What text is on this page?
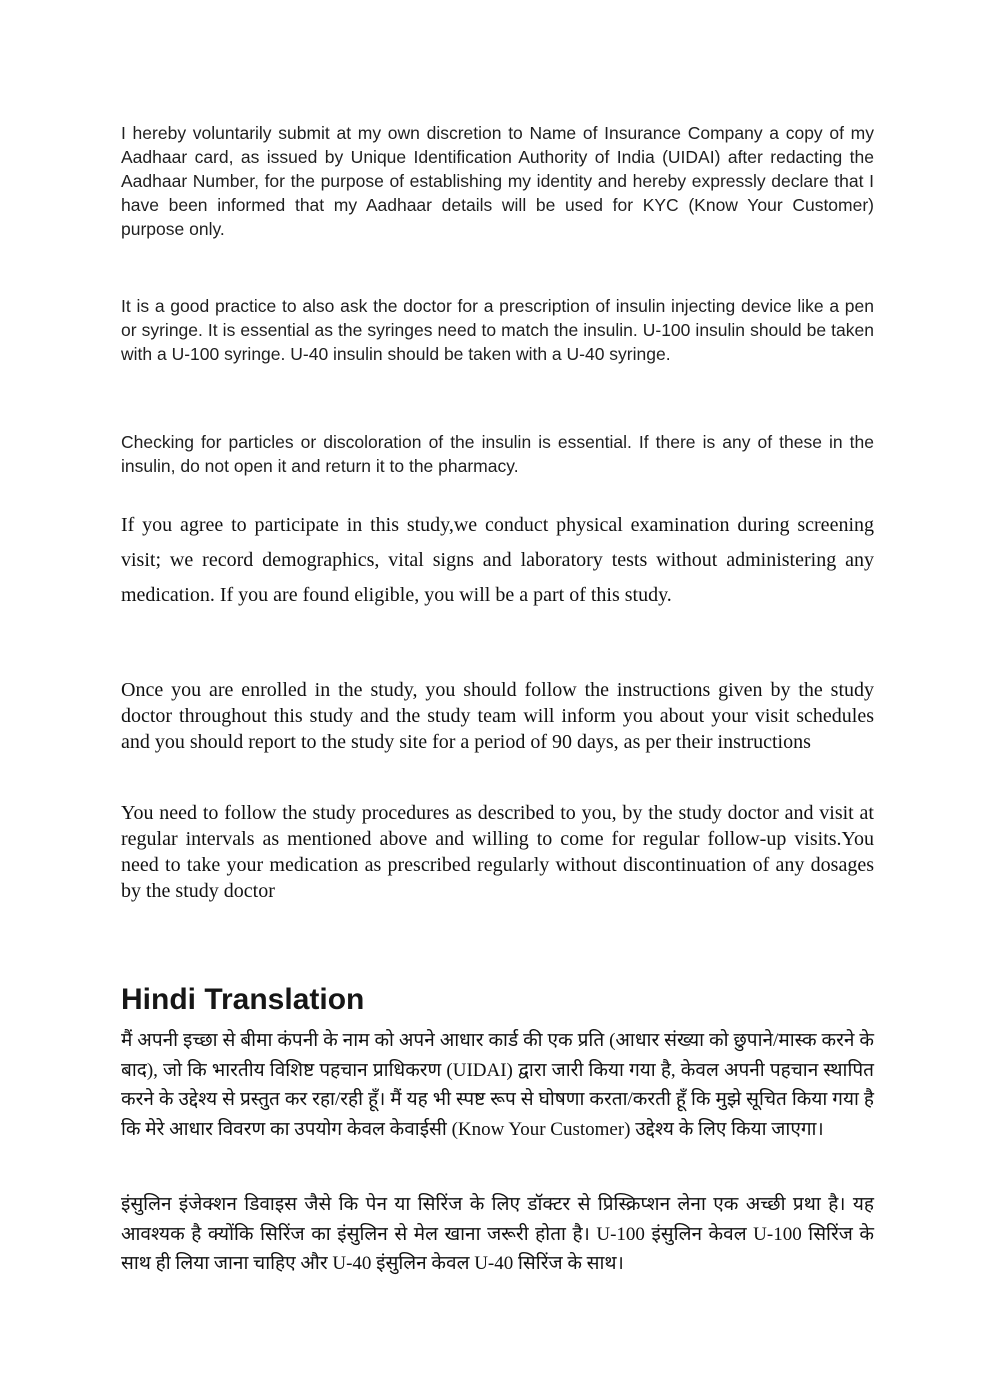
I hereby voluntarily submit at my own discretion to Name of Insurance Company a copy of my Aadhaar card, as issued by Unique Identification Authority of India (UIDAI) after redacting the Aadhaar Number, for the purpose of establishing my identity and hereby expressly declare that I have been informed that my Aadhaar details will be used for KYC (Know Your Customer) purpose only.
It is a good practice to also ask the doctor for a prescription of insulin injecting device like a pen or syringe. It is essential as the syringes need to match the insulin. U-100 insulin should be taken with a U-100 syringe. U-40 insulin should be taken with a U-40 syringe.
Checking for particles or discoloration of the insulin is essential. If there is any of these in the insulin, do not open it and return it to the pharmacy.
If you agree to participate in this study,we conduct physical examination during screening visit; we record demographics, vital signs and laboratory tests without administering any medication. If you are found eligible, you will be a part of this study.
Once you are enrolled in the study, you should follow the instructions given by the study doctor throughout this study and the study team will inform you about your visit schedules and you should report to the study site for a period of 90 days, as per their instructions
You need to follow the study procedures as described to you, by the study doctor and visit at regular intervals as mentioned above and willing to come for regular follow-up visits.You need to take your medication as prescribed regularly without discontinuation of any dosages by the study doctor
Hindi Translation
मैं अपनी इच्छा से बीमा कंपनी के नाम को अपने आधार कार्ड की एक प्रति (आधार संख्या को छुपाने/मास्क करने के बाद), जो कि भारतीय विशिष्ट पहचान प्राधिकरण (UIDAI) द्वारा जारी किया गया है, केवल अपनी पहचान स्थापित करने के उद्देश्य से प्रस्तुत कर रहा/रही हूँ। मैं यह भी स्पष्ट रूप से घोषणा करता/करती हूँ कि मुझे सूचित किया गया है कि मेरे आधार विवरण का उपयोग केवल केवाईसी (Know Your Customer) उद्देश्य के लिए किया जाएगा।
इंसुलिन इंजेक्शन डिवाइस जैसे कि पेन या सिरिंज के लिए डॉक्टर से प्रिस्क्रिप्शन लेना एक अच्छी प्रथा है। यह आवश्यक है क्योंकि सिरिंज का इंसुलिन से मेल खाना जरूरी होता है। U-100 इंसुलिन केवल U-100 सिरिंज के साथ ही लिया जाना चाहिए और U-40 इंसुलिन केवल U-40 सिरिंज के साथ।
